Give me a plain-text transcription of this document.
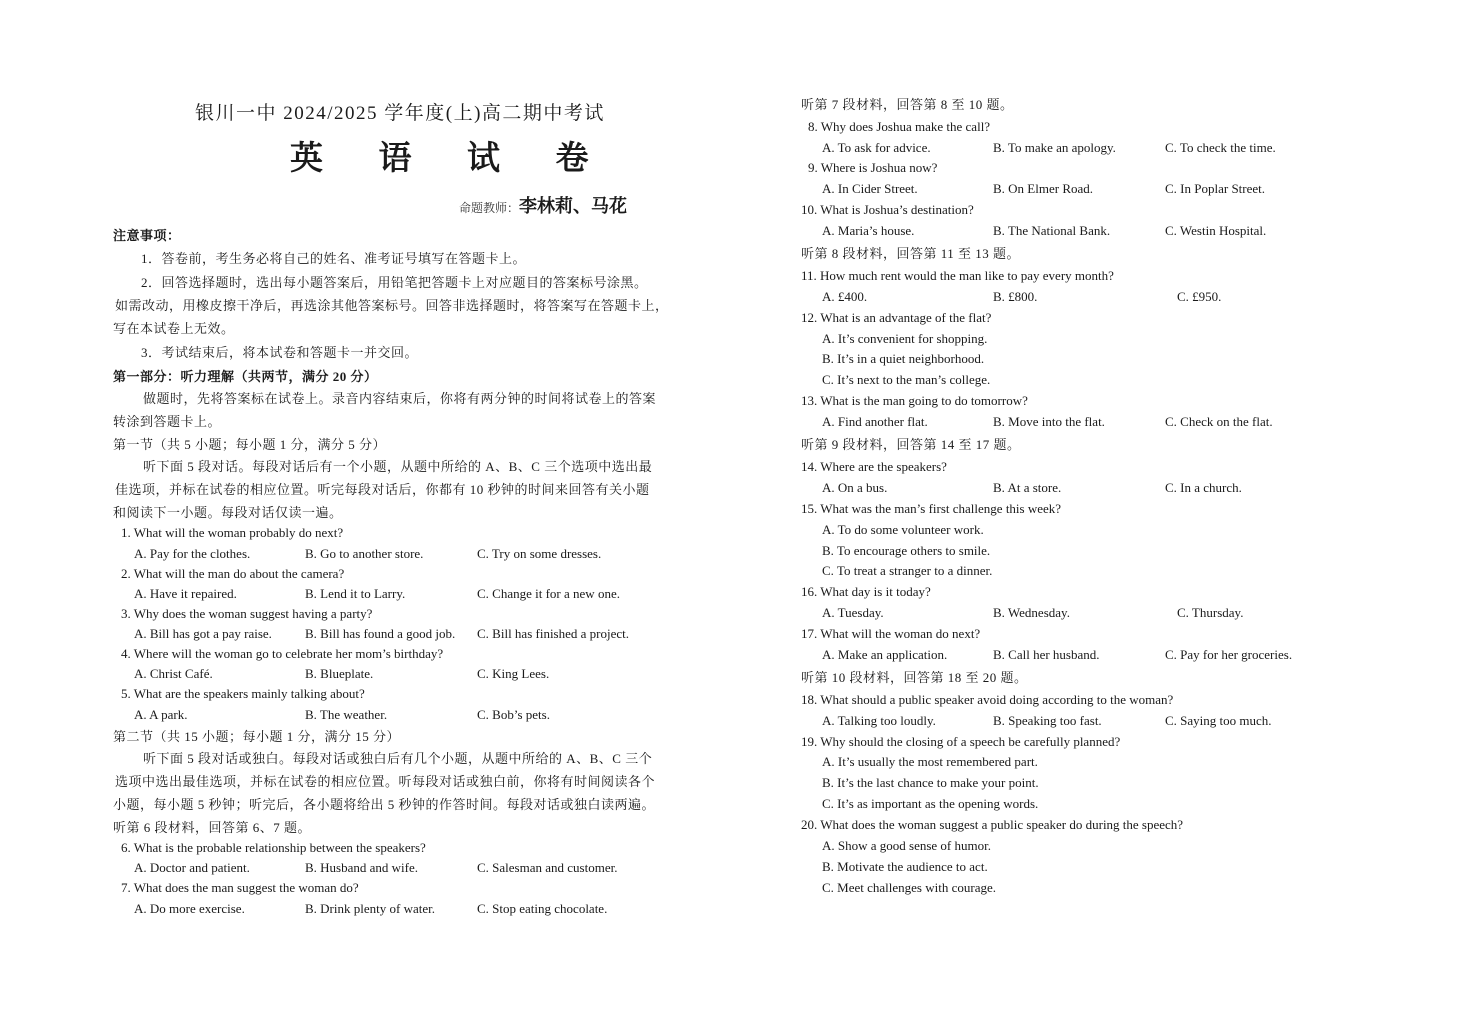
银川一中 2024/2025 学年度(上)高二期中考试
英 语 试 卷
命题教师：李林莉、马花
注意事项：
1．答卷前，考生务必将自己的姓名、准考证号填写在答题卡上。
2．回答选择题时，选出每小题答案后，用铅笔把答题卡上对应题目的答案标号涂黑。
如需改动，用橡皮擦干净后，再选涂其他答案标号。回答非选择题时，将答案写在答题卡上，
写在本试卷上无效。
3．考试结束后，将本试卷和答题卡一并交回。
第一部分：听力理解（共两节，满分 20 分）
做题时，先将答案标在试卷上。录音内容结束后，你将有两分钟的时间将试卷上的答案
转涂到答题卡上。
第一节（共 5 小题；每小题 1 分，满分 5 分）
听下面 5 段对话。每段对话后有一个小题，从题中所给的 A、B、C 三个选项中选出最
佳选项，并标在试卷的相应位置。听完每段对话后，你都有 10 秒钟的时间来回答有关小题
和阅读下一小题。每段对话仅读一遍。
1. What will the woman probably do next?
A. Pay for the clothes.	B. Go to another store.	C. Try on some dresses.
2. What will the man do about the camera?
A. Have it repaired.	B. Lend it to Larry.	C. Change it for a new one.
3. Why does the woman suggest having a party?
A. Bill has got a pay raise.	B. Bill has found a good job. C. Bill has finished a project.
4. Where will the woman go to celebrate her mom’s birthday?
A. Christ Café.	B. Blueplate.	C. King Lees.
5. What are the speakers mainly talking about?
A. A park.	B. The weather.	C. Bob’s pets.
第二节（共 15 小题；每小题 1 分，满分 15 分）
听下面 5 段对话或独白。每段对话或独白后有几个小题，从题中所给的 A、B、C 三个
选项中选出最佳选项，并标在试卷的相应位置。听每段对话或独白前，你将有时间阅读各个
小题，每小题 5 秒钟；听完后，各小题将给出 5 秒钟的作答时间。每段对话或独白读两遍。
听第 6 段材料，回答第 6、7 题。
6. What is the probable relationship between the speakers?
A. Doctor and patient.	B. Husband and wife.	C. Salesman and customer.
7. What does the man suggest the woman do?
A. Do more exercise.	B. Drink plenty of water.	C. Stop eating chocolate.
听第 7 段材料，回答第 8 至 10 题。
8. Why does Joshua make the call?
A. To ask for advice.	B. To make an apology.	C. To check the time.
9. Where is Joshua now?
A. In Cider Street.	B. On Elmer Road.	C. In Poplar Street.
10. What is Joshua’s destination?
A. Maria’s house.	B. The National Bank.	C. Westin Hospital.
听第 8 段材料，回答第 11 至 13 题。
11. How much rent would the man like to pay every month?
A. £400.	B. £800.	C. £950.
12. What is an advantage of the flat?
A. It’s convenient for shopping.
B. It’s in a quiet neighborhood.
C. It’s next to the man’s college.
13. What is the man going to do tomorrow?
A. Find another flat.	B. Move into the flat.	C. Check on the flat.
听第 9 段材料，回答第 14 至 17 题。
14. Where are the speakers?
A. On a bus.	B. At a store.	C. In a church.
15. What was the man’s first challenge this week?
A. To do some volunteer work.
B. To encourage others to smile.
C. To treat a stranger to a dinner.
16. What day is it today?
A. Tuesday.	B. Wednesday.	C. Thursday.
17. What will the woman do next?
A. Make an application.	B. Call her husband.	C. Pay for her groceries.
听第 10 段材料，回答第 18 至 20 题。
18. What should a public speaker avoid doing according to the woman?
A. Talking too loudly.	B. Speaking too fast.	C. Saying too much.
19. Why should the closing of a speech be carefully planned?
A. It’s usually the most remembered part.
B. It’s the last chance to make your point.
C. It’s as important as the opening words.
20. What does the woman suggest a public speaker do during the speech?
A. Show a good sense of humor.
B. Motivate the audience to act.
C. Meet challenges with courage.
